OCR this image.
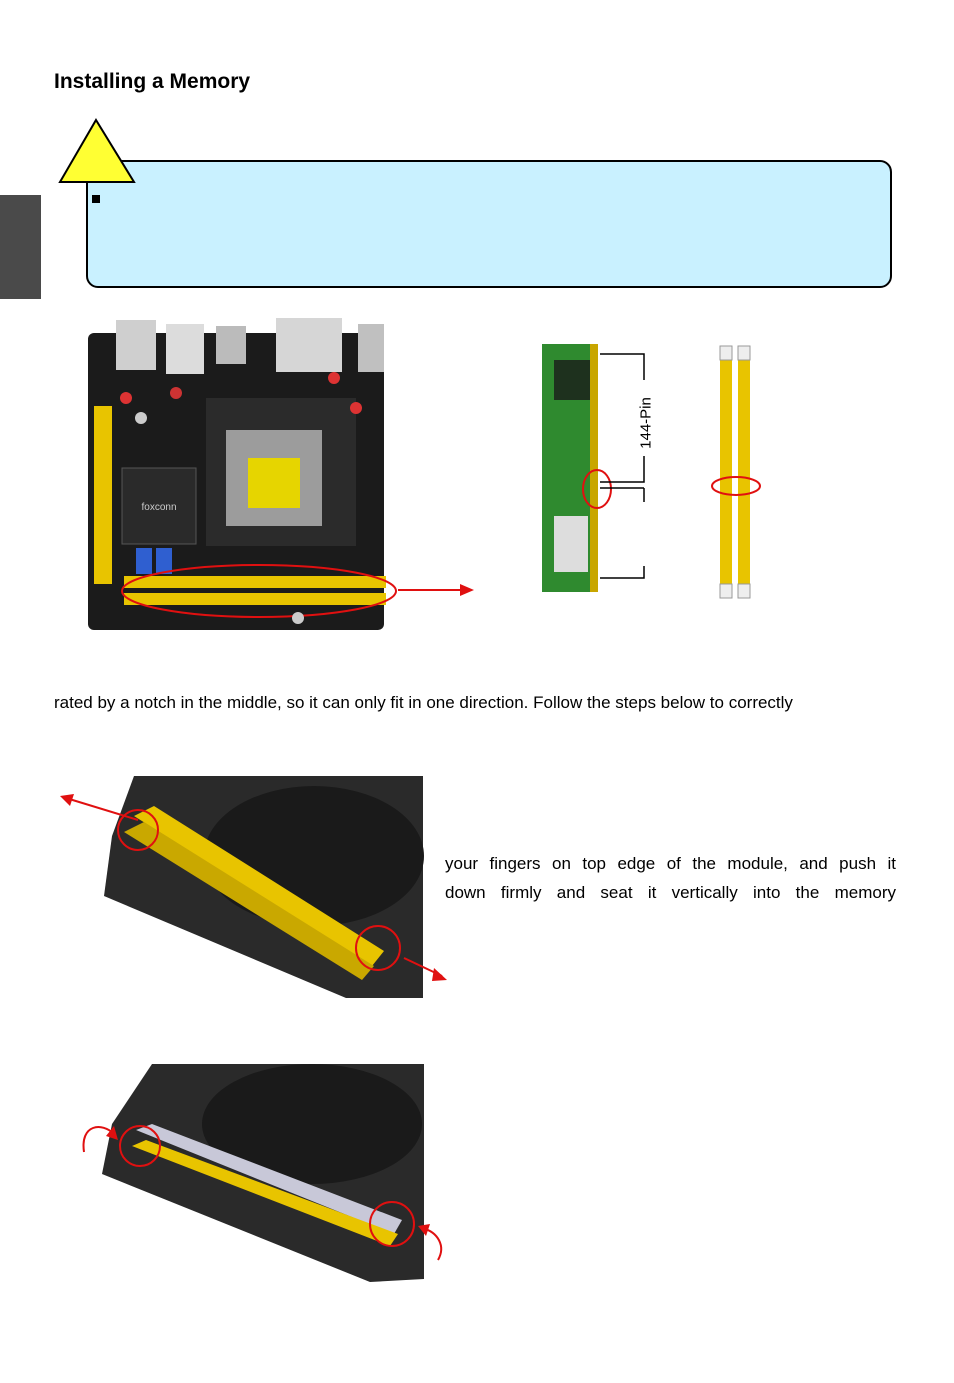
Installing a Memory
foxconn
144-Pin
rated by a notch in the middle, so it can only fit in one direction. Follow the steps below to correctly
your fingers on top edge of the module, and push it
down firmly and seat it vertically into the memory
